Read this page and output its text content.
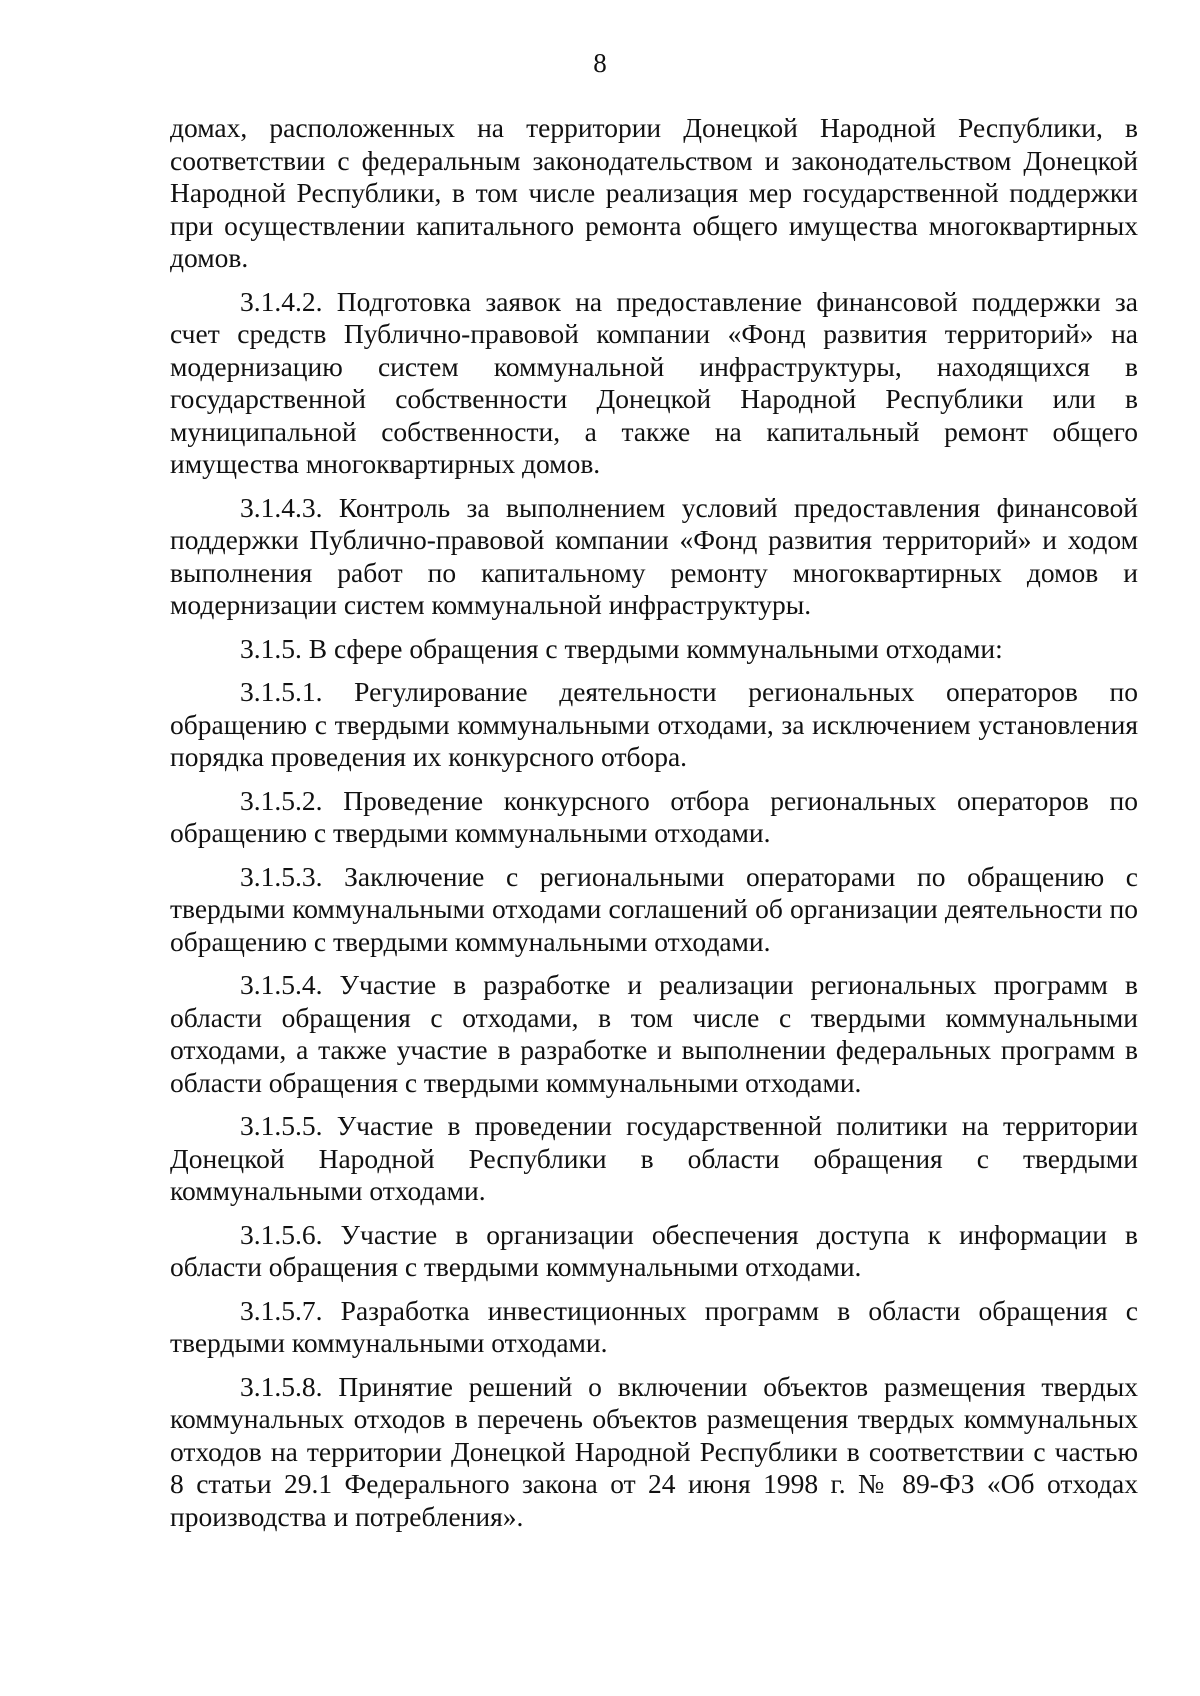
8

домах, расположенных на территории Донецкой Народной Республики, в соответствии с федеральным законодательством и законодательством Донецкой Народной Республики, в том числе реализация мер государственной поддержки при осуществлении капитального ремонта общего имущества многоквартирных домов.

3.1.4.2. Подготовка заявок на предоставление финансовой поддержки за счет средств Публично-правовой компании «Фонд развития территорий» на модернизацию систем коммунальной инфраструктуры, находящихся в государственной собственности Донецкой Народной Республики или в муниципальной собственности, а также на капитальный ремонт общего имущества многоквартирных домов.

3.1.4.3. Контроль за выполнением условий предоставления финансовой поддержки Публично-правовой компании «Фонд развития территорий» и ходом выполнения работ по капитальному ремонту многоквартирных домов и модернизации систем коммунальной инфраструктуры.

3.1.5. В сфере обращения с твердыми коммунальными отходами:

3.1.5.1. Регулирование деятельности региональных операторов по обращению с твердыми коммунальными отходами, за исключением установления порядка проведения их конкурсного отбора.

3.1.5.2. Проведение конкурсного отбора региональных операторов по обращению с твердыми коммунальными отходами.

3.1.5.3. Заключение с региональными операторами по обращению с твердыми коммунальными отходами соглашений об организации деятельности по обращению с твердыми коммунальными отходами.

3.1.5.4. Участие в разработке и реализации региональных программ в области обращения с отходами, в том числе с твердыми коммунальными отходами, а также участие в разработке и выполнении федеральных программ в области обращения с твердыми коммунальными отходами.

3.1.5.5. Участие в проведении государственной политики на территории Донецкой Народной Республики в области обращения с твердыми коммунальными отходами.

3.1.5.6. Участие в организации обеспечения доступа к информации в области обращения с твердыми коммунальными отходами.

3.1.5.7. Разработка инвестиционных программ в области обращения с твердыми коммунальными отходами.

3.1.5.8. Принятие решений о включении объектов размещения твердых коммунальных отходов в перечень объектов размещения твердых коммунальных отходов на территории Донецкой Народной Республики в соответствии с частью 8 статьи 29.1 Федерального закона от 24 июня 1998 г. № 89-ФЗ «Об отходах производства и потребления».
